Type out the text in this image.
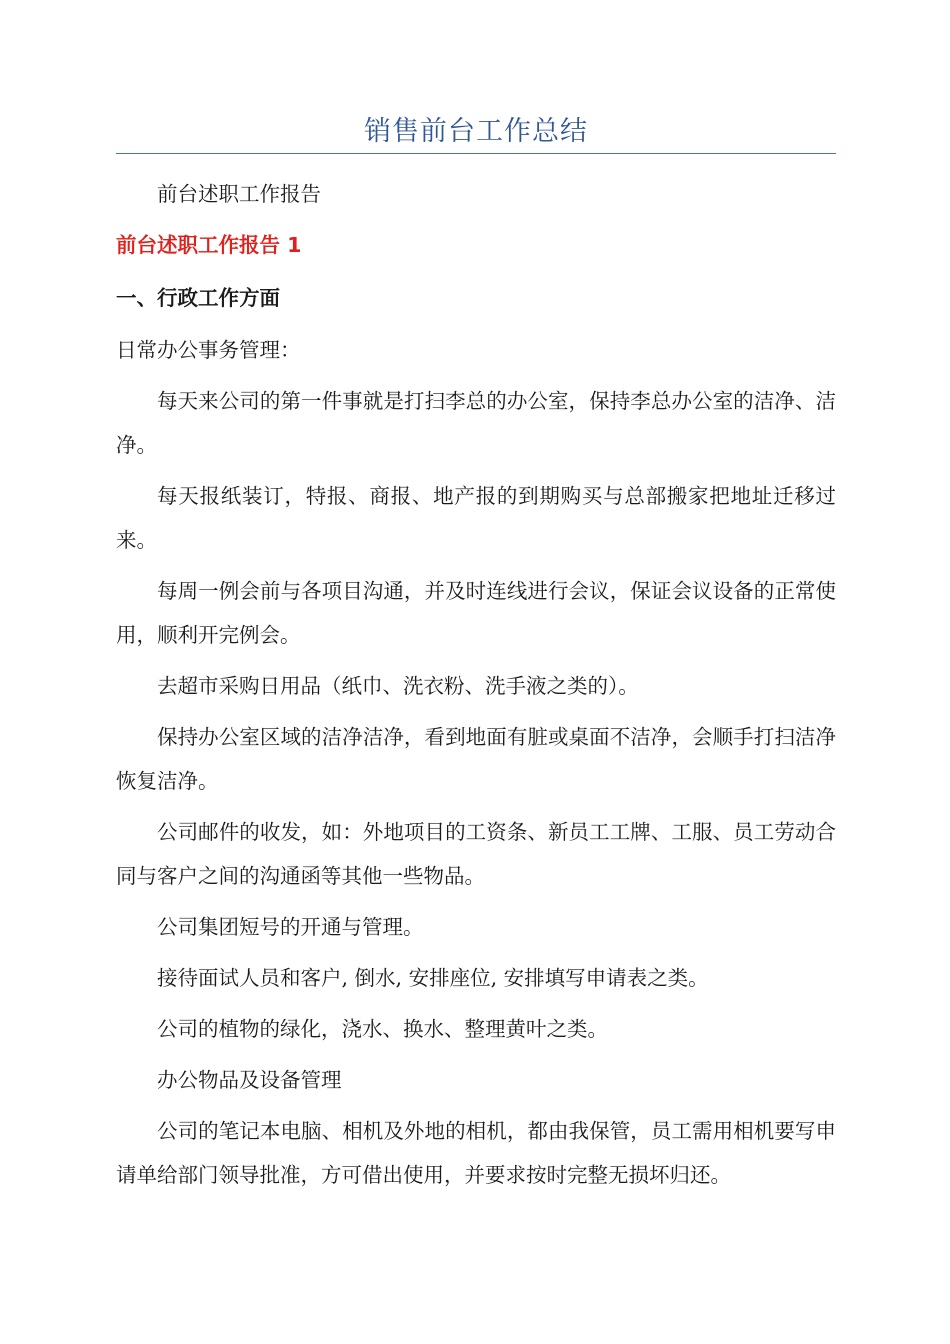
销售前台工作总结

前台述职工作报告

前台述职工作报告 1
一、行政工作方面

日常办公事务管理：

每天来公司的第一件事就是打扫李总的办公室，保持李总办公室的洁净、洁净。

每天报纸装订，特报、商报、地产报的到期购买与总部搬家把地址迁移过来。

每周一例会前与各项目沟通，并及时连线进行会议，保证会议设备的正常使用，顺利开完例会。

去超市采购日用品（纸巾、洗衣粉、洗手液之类的）。

保持办公室区域的洁净洁净，看到地面有脏或桌面不洁净，会顺手打扫洁净恢复洁净。

公司邮件的收发，如：外地项目的工资条、新员工工牌、工服、员工劳动合同与客户之间的沟通函等其他一些物品。

公司集团短号的开通与管理。

接待面试人员和客户, 倒水, 安排座位, 安排填写申请表之类。

公司的植物的绿化，浇水、换水、整理黄叶之类。

办公物品及设备管理

公司的笔记本电脑、相机及外地的相机，都由我保管，员工需用相机要写申请单给部门领导批准，方可借出使用，并要求按时完整无损坏归还。
